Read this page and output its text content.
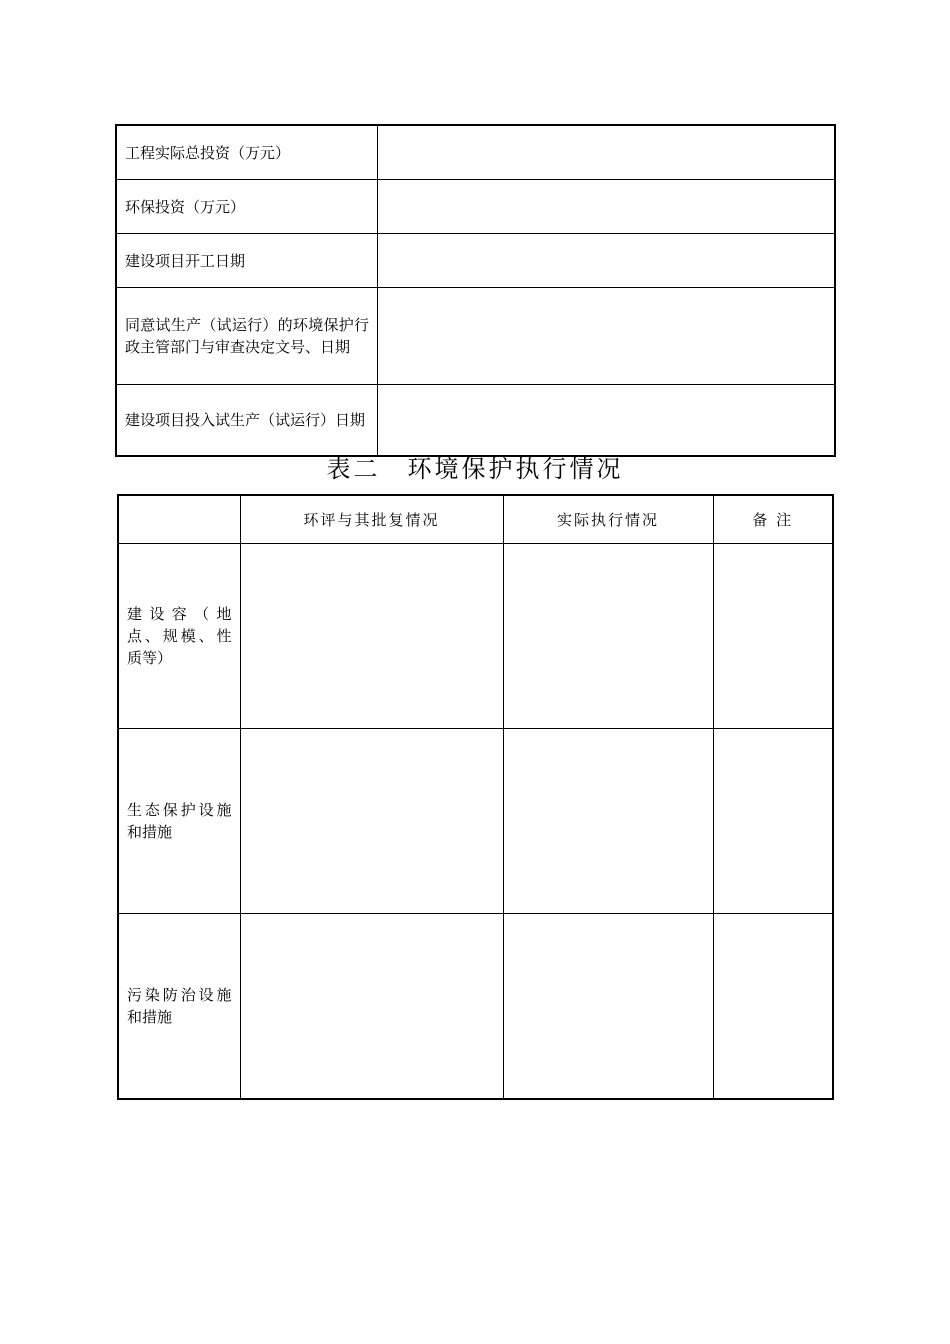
工程实际总投资（万元）	
环保投资（万元）	
建设项目开工日期	
同意试生产（试运行）的环境保护行政主管部门与审查决定文号、日期	
建设项目投入试生产（试运行）日期	
表二　环境保护执行情况
	环评与其批复情况	实际执行情况	备 注
建设容（地点、规模、性质等）			
生态保护设施和措施			
污染防治设施和措施			
